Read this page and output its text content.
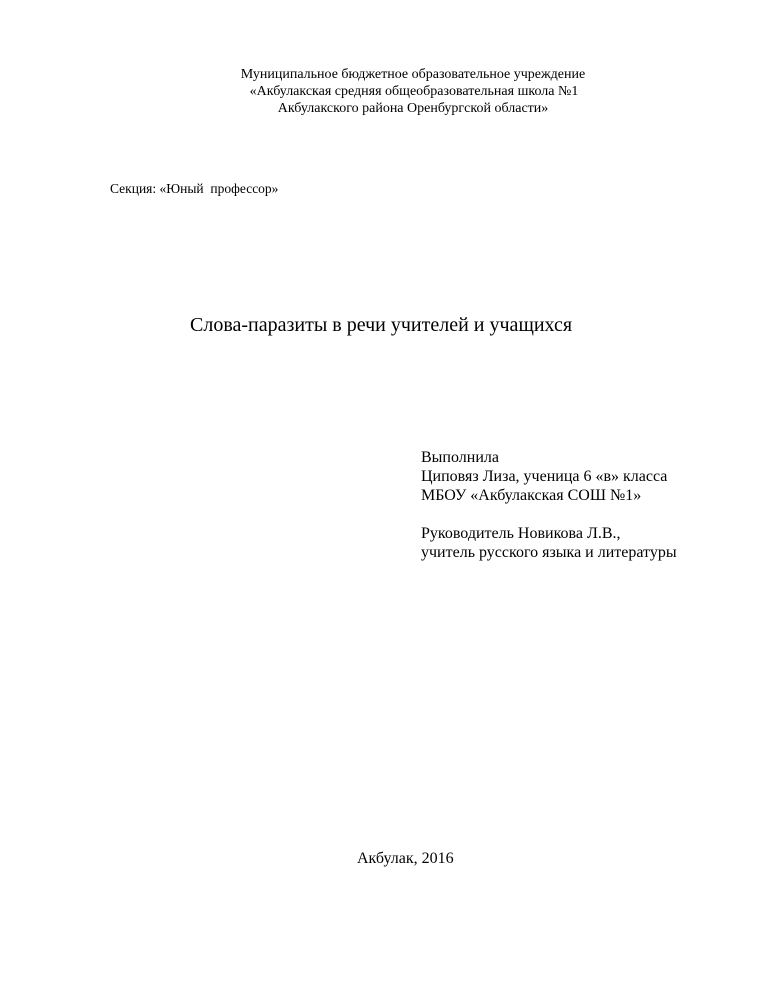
Муниципальное бюджетное образовательное учреждение
«Акбулакская средняя общеобразовательная школа №1
Акбулакского района Оренбургской области»
Секция: «Юный  профессор»
Слова-паразиты в речи учителей и учащихся
Выполнила
Циповяз Лиза, ученица 6 «в» класса
МБОУ «Акбулакская СОШ №1»
Руководитель Новикова Л.В.,
учитель русского языка и литературы
Акбулак, 2016
